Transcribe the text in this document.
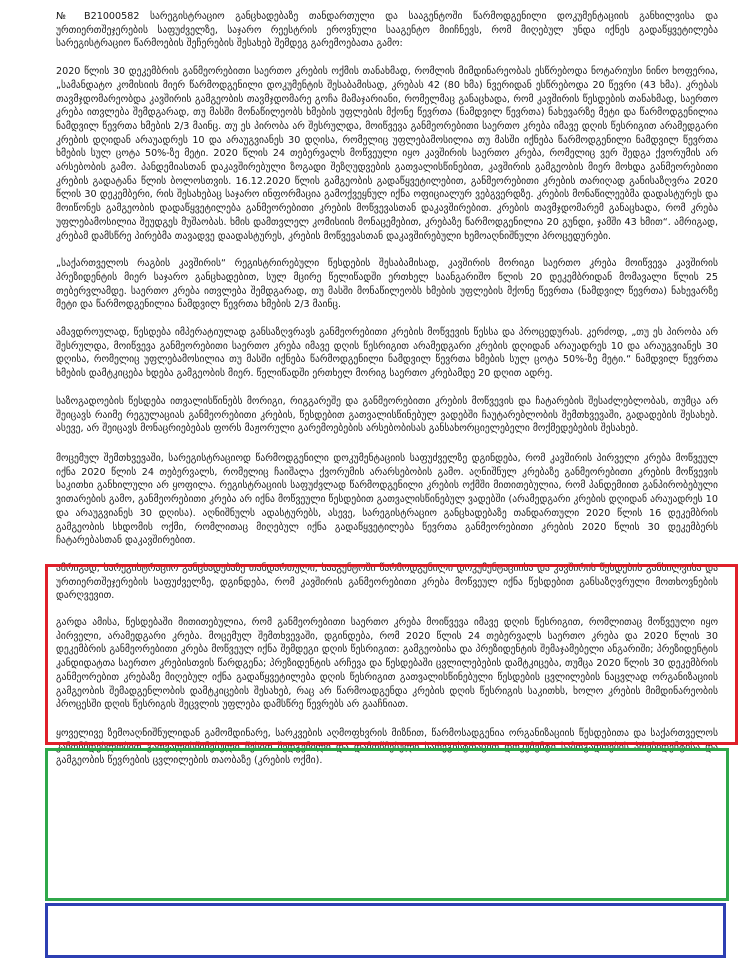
№ B21000582 სარეგისტრაციო განცხადებაზე თანდართული და სააგენტოში წარმოდგენილი დოკუმენტაციის განხილვისა და ურთიერთშეჯერების საფუძველზე, საჯარო რეესტრის ეროვნული სააგენტო მიიჩნევს, რომ მიღებულ უნდა იქნეს გადაწყვეტილება სარეგისტრაციო წარმოების შეჩერების შესახებ შემდეგ გარემოებათა გამო:

2020 წლის 30 დეკემბრის განმეორებითი საერთო კრების ოქმის თანახმად, რომლის მიმდინარეობას ესწრებოდა ნოტარიუსი ნინო ხოფერია, „სამანდატო კომისიის მიერ წარმოდგენილი დოკუმენტის შესაბამისად, კრებას 42 (80 ხმა) ნვერიდან ესწრებოდა 20 წევრი (43 ხმა). კრებას თავმჯდომარეობდა კავშირის გამგეობის თავმჯდომარე გოჩა მამაჯარიანი, რომელმაც განაცხადა, რომ კავშირის წესდების თანახმად, საერთო კრება ითვლება შემდგარად, თუ მასში მონაწილეობს ხმების უფლების მქონე წევრთა (ნამდვილ წევრთა) ნახევარზე მეტი და წარმოდგენილია ნამდვილ წევრთა ხმების 2/3 მაინც. თუ ეს პირობა არ შესრულდა, მოიწვევა განმეორებითი საერთო კრება იმავე დღის წესრიგით არამედგარი კრების დღიდან არაუადრეს 10 და არაუგვიანეს 30 დღისა, რომელიც უფლებამოსილია თუ მასში იქნება წარმოდგენილი ნამდვილ წევრთა ხმების სულ ცოტა 50%-ზე მეტი. 2020 წლის 24 თებერვალს მოწვეული იყო კავშირის საერთო კრება, რომელიც ვერ შედგა ქვორუმის არ არსებობის გამო. პანდემიასთან დაკავშირებული ზოგადი შეზღუდვების გათვალისწინებით, კავშირის გამგეობის მიერ მოხდა განმეორებითი კრების გადატანა წლის ბოლოსთვის. 16.12.2020 წლის გამგეობის გადაწყვეტილებით, განმეორებითი კრების თარიღად განისაზღვრა 2020 წლის 30 დეკემბერი, რის შესახებაც საჯარო ინფორმაცია გამოქვეყნულ იქნა ოფიციალურ ვებგვერდზე. კრების მონაწილეებმა დადასტურეს და მოიწონეს გამგეობის დადაწყვეტილება განმეორებითი კრების მოწვევასთან დაკავშირებით. კრების თავმჯდომარემ განაცხადა, რომ კრება უფლებამოსილია შეუდგეს მუშაობას. ხმის დამთვლელ კომისიის მონაცემებით, კრებაზე წარმოდგენილია 20 გუნდი, ჯამში 43 ხმით“. ამრიგად, კრებამ დამსწრე პირებმა თავადვე დაადასტურეს, კრების მოწვევასთან დაკავშირებული ხემოაღნიშნული პროცედურები.

„საქართველოს რაგბის კავშირის“ რეგისტრირებული წესდების შესაბამისად, კავშირის მორიგი საერთო კრება მოიწვევა კავშირის პრეზიდენტის მიერ საჯარო განცხადებით, სულ მცირე წელიწადში ერთხელ საანგარიშო წლის 20 დეკემბრიდან მომავალი წლის 25 თებერვლამდე. საერთო კრება ითვლება შემდგარად, თუ მასში მონაწილეობს ხმების უფლების მქონე წევრთა (ნამდვილ წევრთა) ნახევარზე მეტი და წარმოდგენილია ნამდვილ წევრთა ხმების 2/3 მაინც.

ამავდროულად, წესდება იმპერატიულად განსაზღვრავს განმეორებითი კრების მოწვევის წესსა და პროცედურას. კერძოდ, „თუ ეს პირობა არ შესრულდა, მოიწვევა განმეორებითი საერთო კრება იმავე დღის წესრიგით არამედგარი კრების დღიდან არაუადრეს 10 და არაუგვიანეს 30 დღისა, რომელიც უფლებამოსილია თუ მასში იქნება წარმოდგენილი ნამდვილ წევრთა ხმების სულ ცოტა 50%-ზე მეტი.“ ნამდვილ წევრთა ხმების დამტკიცება ხდება გამგეობის მიერ. წელიწადში ერთხელ მორიგ საერთო კრებამდე 20 დღით ადრე.

საზოგადოების წესდება ითვალისწინებს მორიგი, რიგგარეშე და განმეორებითი კრების მოწვევის და ჩატარების შესაძლებლობას, თუმცა არ შეიცავს რაიმე რეგულაციას განმეორებითი კრების, წესდებით გათვალისწინებულ ვადებში ჩაუტარებლობის შემთხვევაში, გადადების შესახებ. ასევე, არ შეიცავს მონაცრიებებას ფორს მაჟორული გარემოებების არსებობისას განსახორციელებელი მოქმედებების შესახებ.

მოცემულ შემთხვევაში, სარეგისტრაციოდ წარმოდგენილი დოკუმენტაციის საფუძველზე დგინდება, რომ კავშირის პირველი კრება მოწვეულ იქნა 2020 წლის 24 თებერვალს, რომელიც ჩაიშალა ქვორუმის არარსებობის გამო. აღნიშნულ კრებაზე განმეორებითი კრების მოწვევის საკითხი განხილული არ ყოფილა. რეგისტრაციის საფუძვლად წარმოდგენილი კრების ოქმში მითითებულია, რომ პანდემიით განპირობებული ვითარების გამო, განმეორებითი კრება არ იქნა მოწვეული წესდებით გათვალისწინებულ ვადებში (არამედგარი კრების დღიდან არაუადრეს 10 და არაუგვიანეს 30 დღისა). აღნიშნულს ადასტურებს, ასევე, სარეგისტრაციო განცხადებაზე თანდართული 2020 წლის 16 დეკემბრის გამგეობის სხდომის ოქმი, რომლითაც მიღებულ იქნა გადაწყვეტილება წევრთა განმეორებითი კრების 2020 წლის 30 დეკემბერს ჩატარებასთან დაკავშირებით.

ამრიგად, სარეგისტრაციო განცხადებაზე თანდართული, სააგენტოში წარმოდგენილი დოკუმენტაციისა და კავშირის წესდების განხილვისა და ურთიერთშეჯერების საფუძველზე, დგინდება, რომ კავშირის განმეორებითი კრება მოწვეულ იქნა წესდებით განსაზღვრული მოთხოვნების დარღვევით.

გარდა ამისა, წესდებაში მითითებულია, რომ განმეორებითი საერთო კრება მოიწვევა იმავე დღის წესრიგით, რომლითაც მოწვეული იყო პირველი, არამედგარი კრება. მოცემულ შემთხვევაში, დგინდება, რომ 2020 წლის 24 თებერვალს საერთო კრება და 2020 წლის 30 დეკემბრის განმეორებითი კრება მოწვეულ იქნა შემდეგი დღის წესრიგით: გამგეობისა და პრეზიდენტის შემაჯამებელი ანგარიში; პრეზიდენტის კანდიდატთა საერთო კრებისთვის წარდგენა; პრეზიდენტის არჩევა და წესდებაში ცვლილებების დამტკიცება, თუმცა 2020 წლის 30 დეკემბრის განმეორებით კრებაზე მიღებულ იქნა გადაწყვეტილება დღის წესრიგით გათვალისწინებული წესდების ცვლილების ნაცვლად ორგანიზაციის გამგეობის შემადგენლობის დამტკიცების შესახებ, რაც არ წარმოადგენდა კრების დღის წესრიგის საკითხს, ხოლო კრების მიმდინარეობის პროცესში დღის წესრიგის შეცვლის უფლება დამსწრე წევრებს არ გააჩნიათ.

ყოველივე ზემოაღნიშნულიდან გამომდინარე, სარკვების აღმოფხვრის მიზნით, წარმოსადგენია ორგანიზაციის წესდებითა და საქართველოს კანონმდებლობით გათვალისწინებული წესით შედგენილი და დამოწმებული სარეგისტრაციო დოკუმენტი საზოგადოების პრეზიდენტისა და გამგეობის წევრების ცვლილების თაობაზე (კრების ოქმი).
